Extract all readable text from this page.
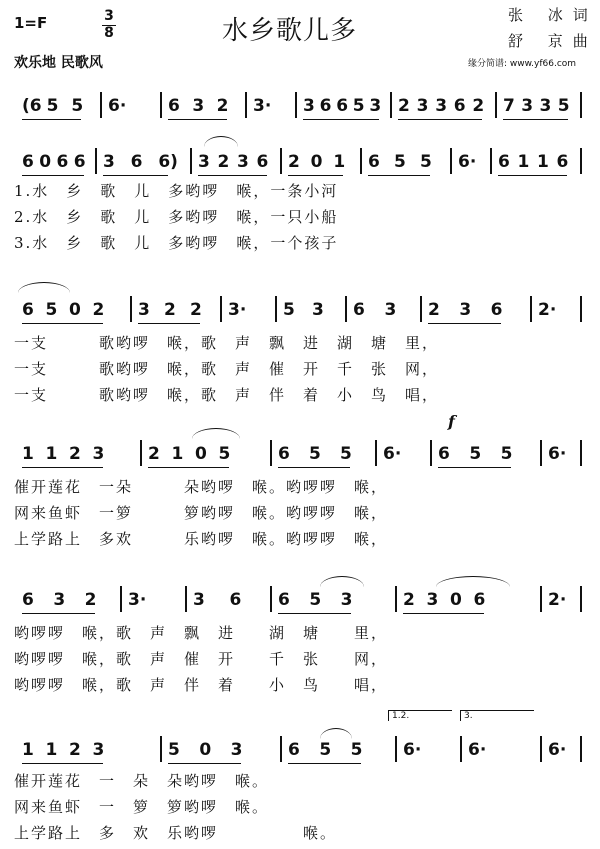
1=F	3
8	水乡歌儿多
张 冰词
舒 京曲
欢乐地 民歌风	缘分简谱: www.yf66.com
(6 5 5 6· 6 3 2 3· 3 6 6 5 3 2 3 3 6 2 7 3 3 5
6 0 6 6 3 6 6) 3 2 3 6 2 0 1 6 5 5 6· 6 1 1 6
1.水　乡　歌　儿　多哟啰　喉，一条小河
2.水　乡　歌　儿　多哟啰　喉，一只小船
3.水　乡　歌　儿　多哟啰　喉，一个孩子
6 5 0 2 3 2 2 3· 5 3 6 3 2 3 6 2·
一支　　　歌哟啰　喉，歌　声　飘　进　湖　塘　里，
一支　　　歌哟啰　喉，歌　声　催　开　千　张　网，
一支　　　歌哟啰　喉，歌　声　伴　着　小　鸟　唱，
1 1 2 3	2 1 0 5	6 5 5 6· 6 5 5 6·
催开莲花　一朵　　　朵哟啰　喉。哟啰啰　喉，
网来鱼虾　一箩　　　箩哟啰　喉。哟啰啰　喉，
上学路上　多欢　　　乐哟啰　喉。哟啰啰　喉，
6 3 2 3·	3 6 6 5 3	2 3 0 6	2·
哟啰啰　喉，歌　声　飘　进　　湖　塘　　里，
哟啰啰　喉，歌　声　催　开　　千　张　　网，
哟啰啰　喉，歌　声　伴　着　　小　鸟　　唱，
1 1 2 3	5 0 3	6 5 5 6·	6·	6·
催开莲花　一　朵　朵哟啰　喉。
网来鱼虾　一　箩　箩哟啰　喉。
上学路上　多　欢　乐哟啰　　　　　喉。
f
1.2.	3.
